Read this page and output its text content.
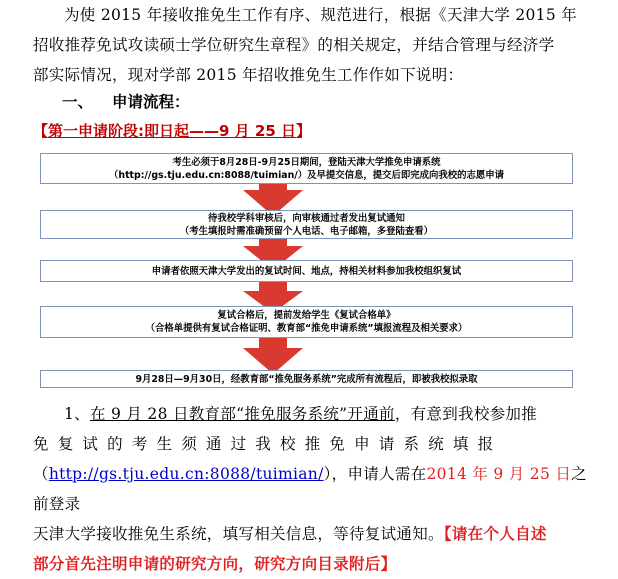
为使 2015 年接收推免生工作有序、规范进行，根据《天津大学 2015 年

招收推荐免试攻读硕士学位研究生章程》的相关规定，并结合管理与经济学

部实际情况，现对学部 2015 年招收推免生工作作如下说明：

一、 申请流程：
【第一申请阶段:即日起——9 月 25 日】
考生必须于8月28日-9月25日期间，登陆天津大学推免申请系统
（http://gs.tju.edu.cn:8088/tuimian/）及早提交信息，提交后即完成向我校的志愿申请
待我校学科审核后，向审核通过者发出复试通知
（考生填报时需准确预留个人电话、电子邮箱，多登陆查看）
申请者依照天津大学发出的复试时间、地点，持相关材料参加我校组织复试
复试合格后，提前发给学生《复试合格单》
（合格单提供有复试合格证明、教育部“推免申请系统”填报流程及相关要求）
9月28日—9月30日，经教育部“推免服务系统”完成所有流程后，即被我校拟录取

1、在 9 月 28 日教育部“推免服务系统”开通前，有意到我校参加推

免复试的考生须通过我校推免申请系统填报

（http://gs.tju.edu.cn:8088/tuimian/），申请人需在2014 年 9 月 25 日之前登录

天津大学接收推免生系统，填写相关信息，等待复试通知。【请在个人自述

部分首先注明申请的研究方向，研究方向目录附后】
